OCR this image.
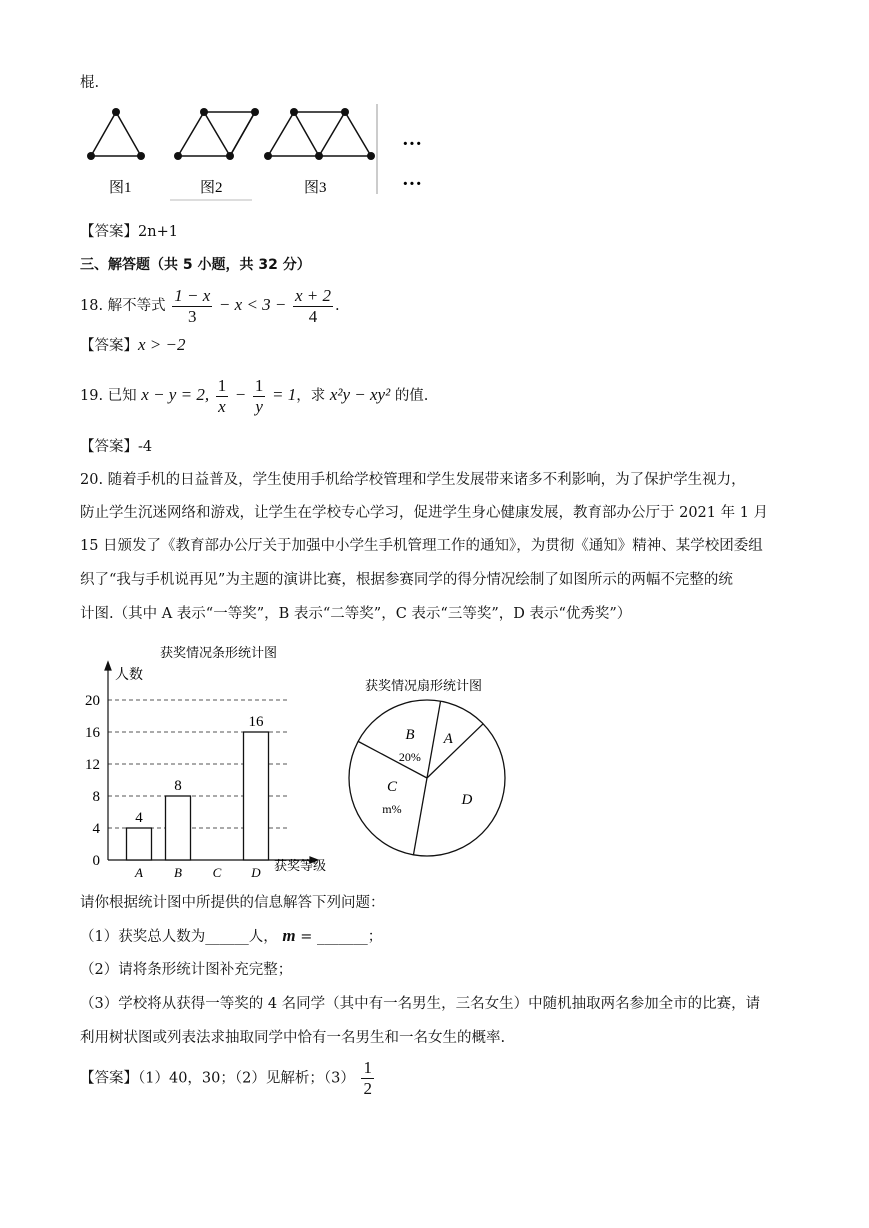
棍.
图1	图2	图3
···
···
【答案】2n+1
三、解答题（共 5 小题，共 32 分）
18. 解不等式 $\frac{1 - x}{3} - x < 3 - \frac{x + 2}{4}$ .
【答案】x > −2
19. 已知 x − y = 2, $\frac{1}{x} - \frac{1}{y} = 1$，求 x²y − xy² 的值.
【答案】-4
20. 随着手机的日益普及，学生使用手机给学校管理和学生发展带来诸多不利影响，为了保护学生视力，
防止学生沉迷网络和游戏，让学生在学校专心学习，促进学生身心健康发展，教育部办公厅于 2021 年 1 月
15 日颁发了《教育部办公厅关于加强中小学生手机管理工作的通知》，为贯彻《通知》精神、某学校团委组
织了“我与手机说再见”为主题的演讲比赛，根据参赛同学的得分情况绘制了如图所示的两幅不完整的统
计图.（其中 A 表示“一等奖”，B 表示“二等奖”，C 表示“三等奖”，D 表示“优秀奖”）
获奖情况条形统计图
人数
0
4
8
12
16
20
4
8
16
A B C D 获奖等级
获奖情况扇形统计图
A
D
C
m%
B
20%
请你根据统计图中所提供的信息解答下列问题：
（1）获奖总人数为______人， m = _______；
（2）请将条形统计图补充完整；
（3）学校将从获得一等奖的 4 名同学（其中有一名男生，三名女生）中随机抽取两名参加全市的比赛，请
利用树状图或列表法求抽取同学中恰有一名男生和一名女生的概率.
【答案】（1）40，30；（2）见解析；$(3) \frac{1}{2}$
